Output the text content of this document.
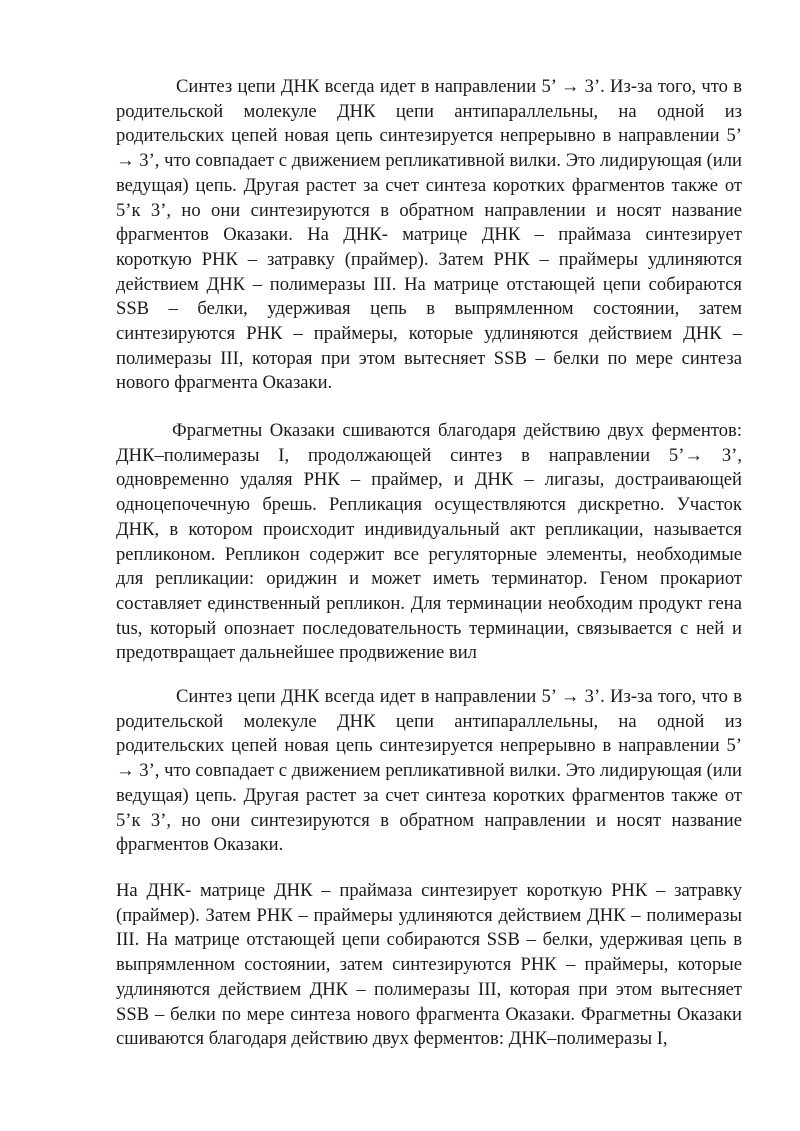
Синтез цепи ДНК всегда идет в направлении 5’ → 3’. Из-за того, что в родительской молекуле ДНК цепи антипараллельны, на одной из родительских цепей новая цепь синтезируется непрерывно в направлении 5’ → 3’, что совпадает с движением репликативной вилки. Это лидирующая (или ведущая) цепь. Другая растет за счет синтеза коротких фрагментов также от 5’к 3’, но они синтезируются в обратном направлении и носят название фрагментов Оказаки. На ДНК- матрице ДНК – праймаза синтезирует короткую РНК – затравку (праймер). Затем РНК – праймеры удлиняются действием ДНК – полимеразы III. На матрице отстающей цепи собираются SSB – белки, удерживая цепь в выпрямленном состоянии, затем синтезируются РНК – праймеры, которые удлиняются действием ДНК – полимеразы III, которая при этом вытесняет SSB – белки по мере синтеза нового фрагмента Оказаки.

Фрагметны Оказаки сшиваются благодаря действию двух ферментов: ДНК–полимеразы I, продолжающей синтез в направлении 5’→ 3’, одновременно удаляя РНК – праймер, и ДНК – лигазы, достраивающей одноцепочечную брешь. Репликация осуществляются дискретно. Участок ДНК, в котором происходит индивидуальный акт репликации, называется репликоном. Репликон содержит все регуляторные элементы, необходимые для репликации: ориджин и может иметь терминатор. Геном прокариот составляет единственный репликон. Для терминации необходим продукт гена tus, который опознает последовательность терминации, связывается с ней и предотвращает дальнейшее продвижение вил

Синтез цепи ДНК всегда идет в направлении 5’ → 3’. Из-за того, что в родительской молекуле ДНК цепи антипараллельны, на одной из родительских цепей новая цепь синтезируется непрерывно в направлении 5’ → 3’, что совпадает с движением репликативной вилки. Это лидирующая (или ведущая) цепь. Другая растет за счет синтеза коротких фрагментов также от 5’к 3’, но они синтезируются в обратном направлении и носят название фрагментов Оказаки.

На ДНК- матрице ДНК – праймаза синтезирует короткую РНК – затравку (праймер). Затем РНК – праймеры удлиняются действием ДНК – полимеразы III. На матрице отстающей цепи собираются SSB – белки, удерживая цепь в выпрямленном состоянии, затем синтезируются РНК – праймеры, которые удлиняются действием ДНК – полимеразы III, которая при этом вытесняет SSB – белки по мере синтеза нового фрагмента Оказаки. Фрагметны Оказаки сшиваются благодаря действию двух ферментов: ДНК–полимеразы I,
